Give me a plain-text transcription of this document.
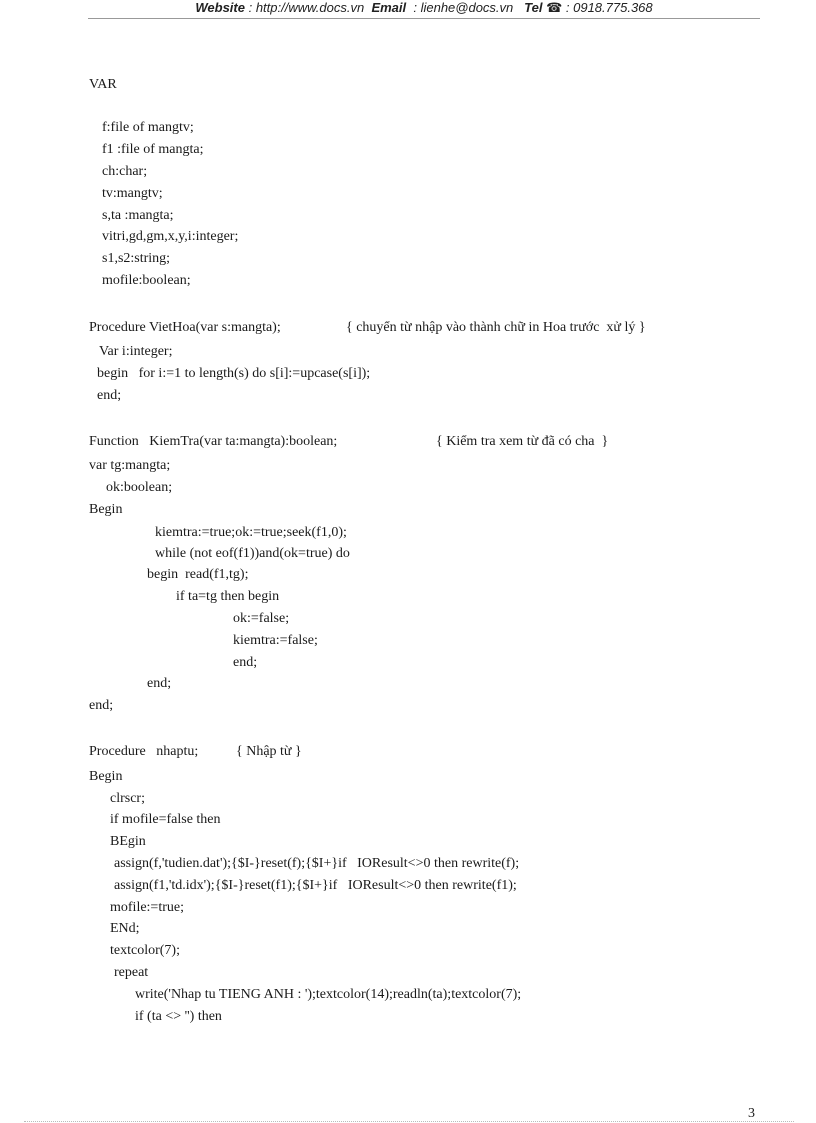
Website : http://www.docs.vn Email : lienhe@docs.vn Tel ☎ : 0918.775.368
VAR
f:file of mangtv;
f1 :file of mangta;
ch:char;
tv:mangtv;
s,ta :mangta;
vitri,gd,gm,x,y,i:integer;
s1,s2:string;
mofile:boolean;
Procedure VietHoa(var s:mangta);	{ chuyển từ nhập vào thành chữ in Hoa trước  xử lý }
Var i:integer;
begin   for i:=1 to length(s) do s[i]:=upcase(s[i]);
end;
Function   KiemTra(var ta:mangta):boolean;	{ Kiểm tra xem từ đã có cha  }
var tg:mangta;
ok:boolean;
Begin
kiemtra:=true;ok:=true;seek(f1,0);
while (not eof(f1))and(ok=true) do
begin  read(f1,tg);
if ta=tg then begin
ok:=false;
kiemtra:=false;
end;
end;
end;
Procedure   nhaptu;	{ Nhập từ }
Begin
clrscr;
if mofile=false then
BEgin
assign(f,'tudien.dat');{$I-}reset(f);{$I+}if   IOResult<>0 then rewrite(f);
assign(f1,'td.idx');{$I-}reset(f1);{$I+}if   IOResult<>0 then rewrite(f1);
mofile:=true;
ENd;
textcolor(7);
repeat
write('Nhap tu TIENG ANH : ');textcolor(14);readln(ta);textcolor(7);
if (ta <> '') then
3
